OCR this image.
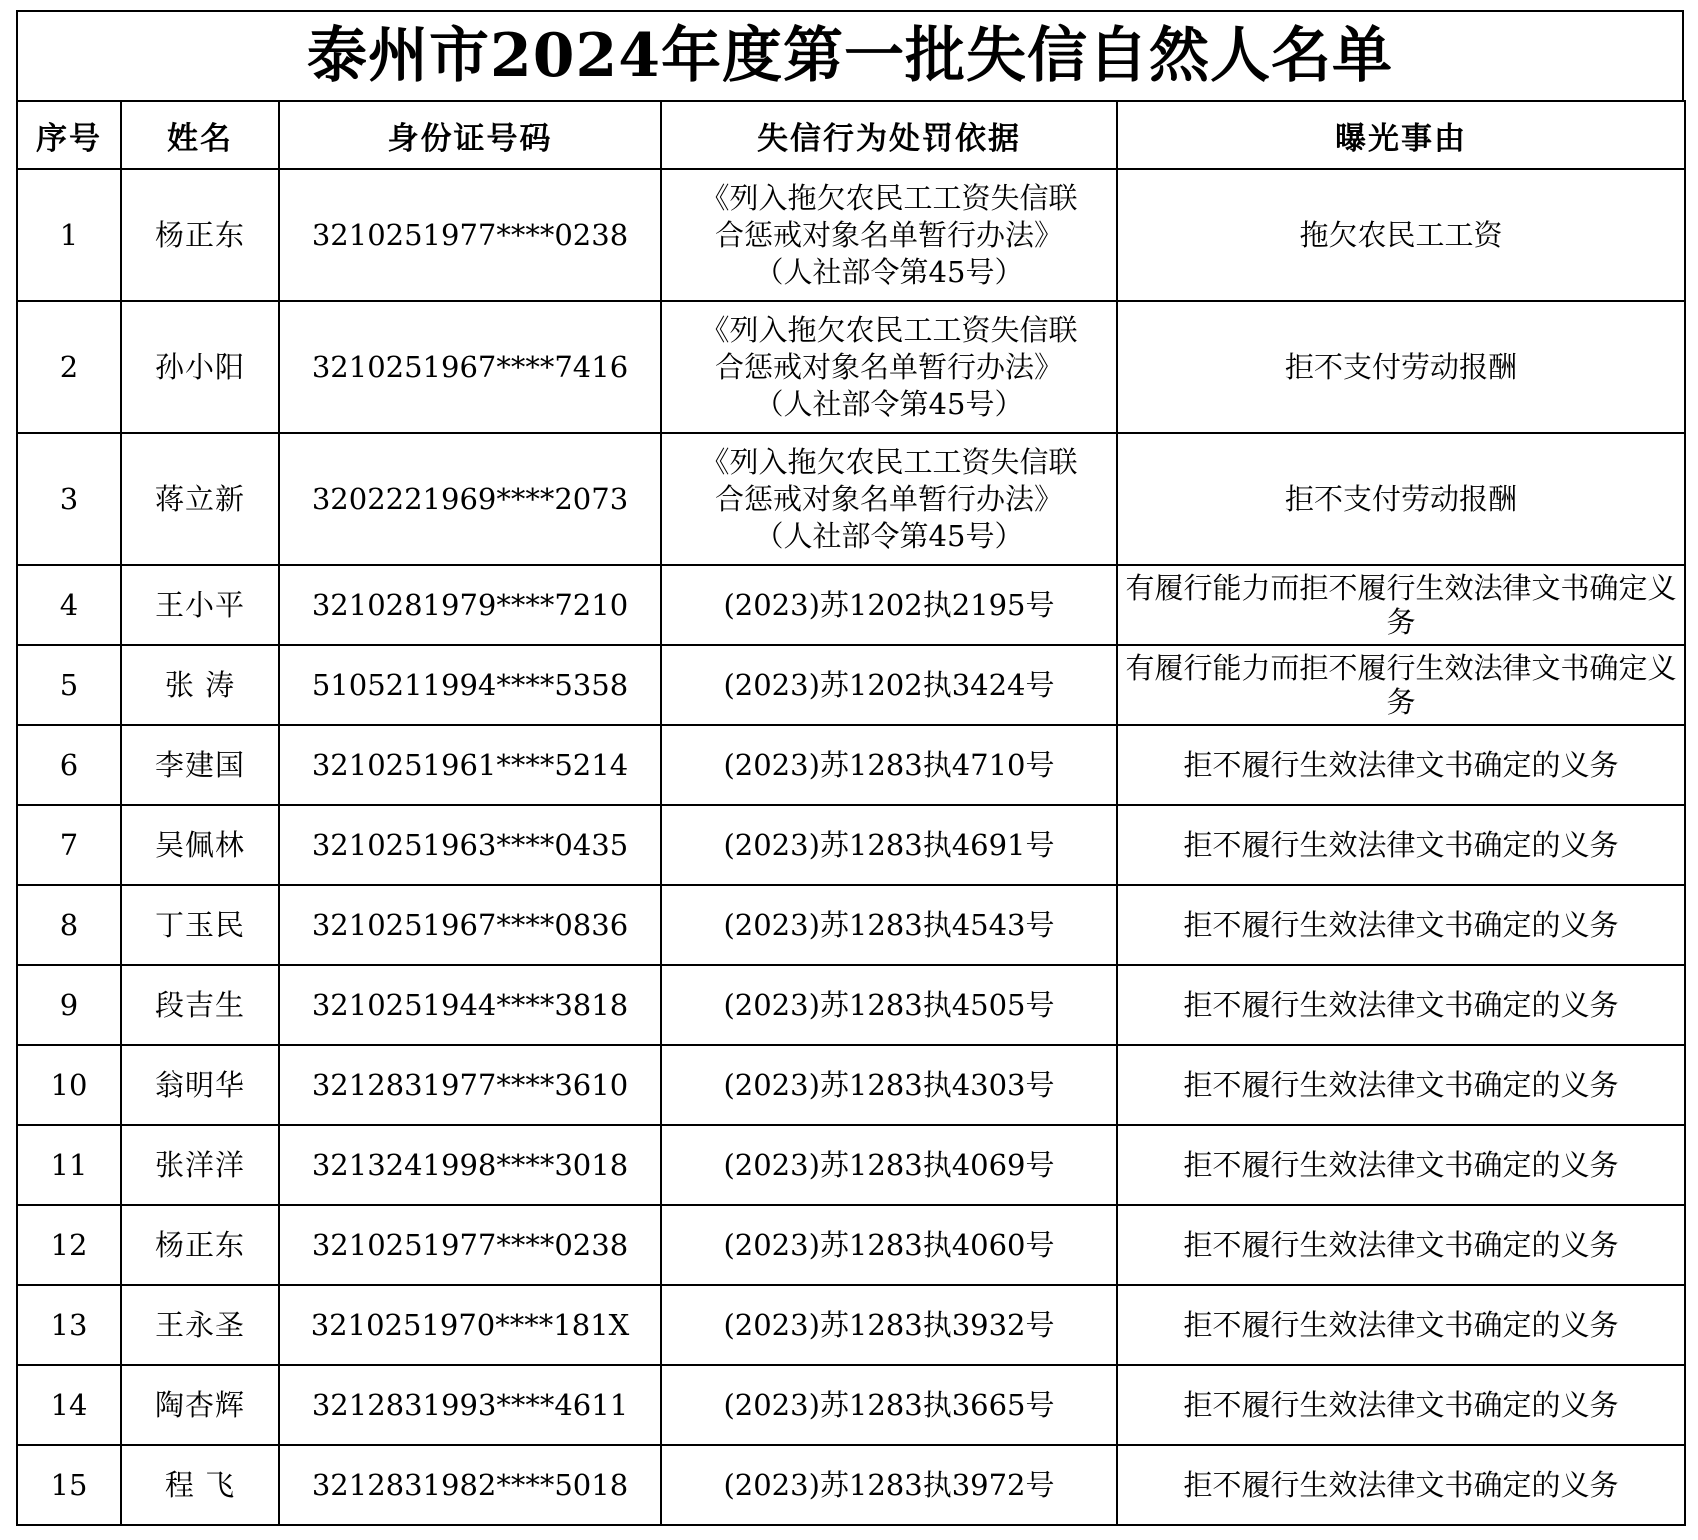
泰州市2024年度第一批失信自然人名单
序号	姓名	身份证号码	失信行为处罚依据	曝光事由
1	杨正东	3210251977****0238	《列入拖欠农民工工资失信联
合惩戒对象名单暂行办法》
（人社部令第45号）	拖欠农民工工资
2	孙小阳	3210251967****7416	《列入拖欠农民工工资失信联
合惩戒对象名单暂行办法》
（人社部令第45号）	拒不支付劳动报酬
3	蒋立新	3202221969****2073	《列入拖欠农民工工资失信联
合惩戒对象名单暂行办法》
（人社部令第45号）	拒不支付劳动报酬
4	王小平	3210281979****7210	(2023)苏1202执2195号	有履行能力而拒不履行生效法律文书确定义务
5	张 涛	5105211994****5358	(2023)苏1202执3424号	有履行能力而拒不履行生效法律文书确定义务
6	李建国	3210251961****5214	(2023)苏1283执4710号	拒不履行生效法律文书确定的义务
7	吴佩林	3210251963****0435	(2023)苏1283执4691号	拒不履行生效法律文书确定的义务
8	丁玉民	3210251967****0836	(2023)苏1283执4543号	拒不履行生效法律文书确定的义务
9	段吉生	3210251944****3818	(2023)苏1283执4505号	拒不履行生效法律文书确定的义务
10	翁明华	3212831977****3610	(2023)苏1283执4303号	拒不履行生效法律文书确定的义务
11	张洋洋	3213241998****3018	(2023)苏1283执4069号	拒不履行生效法律文书确定的义务
12	杨正东	3210251977****0238	(2023)苏1283执4060号	拒不履行生效法律文书确定的义务
13	王永圣	3210251970****181X	(2023)苏1283执3932号	拒不履行生效法律文书确定的义务
14	陶杏辉	3212831993****4611	(2023)苏1283执3665号	拒不履行生效法律文书确定的义务
15	程 飞	3212831982****5018	(2023)苏1283执3972号	拒不履行生效法律文书确定的义务
